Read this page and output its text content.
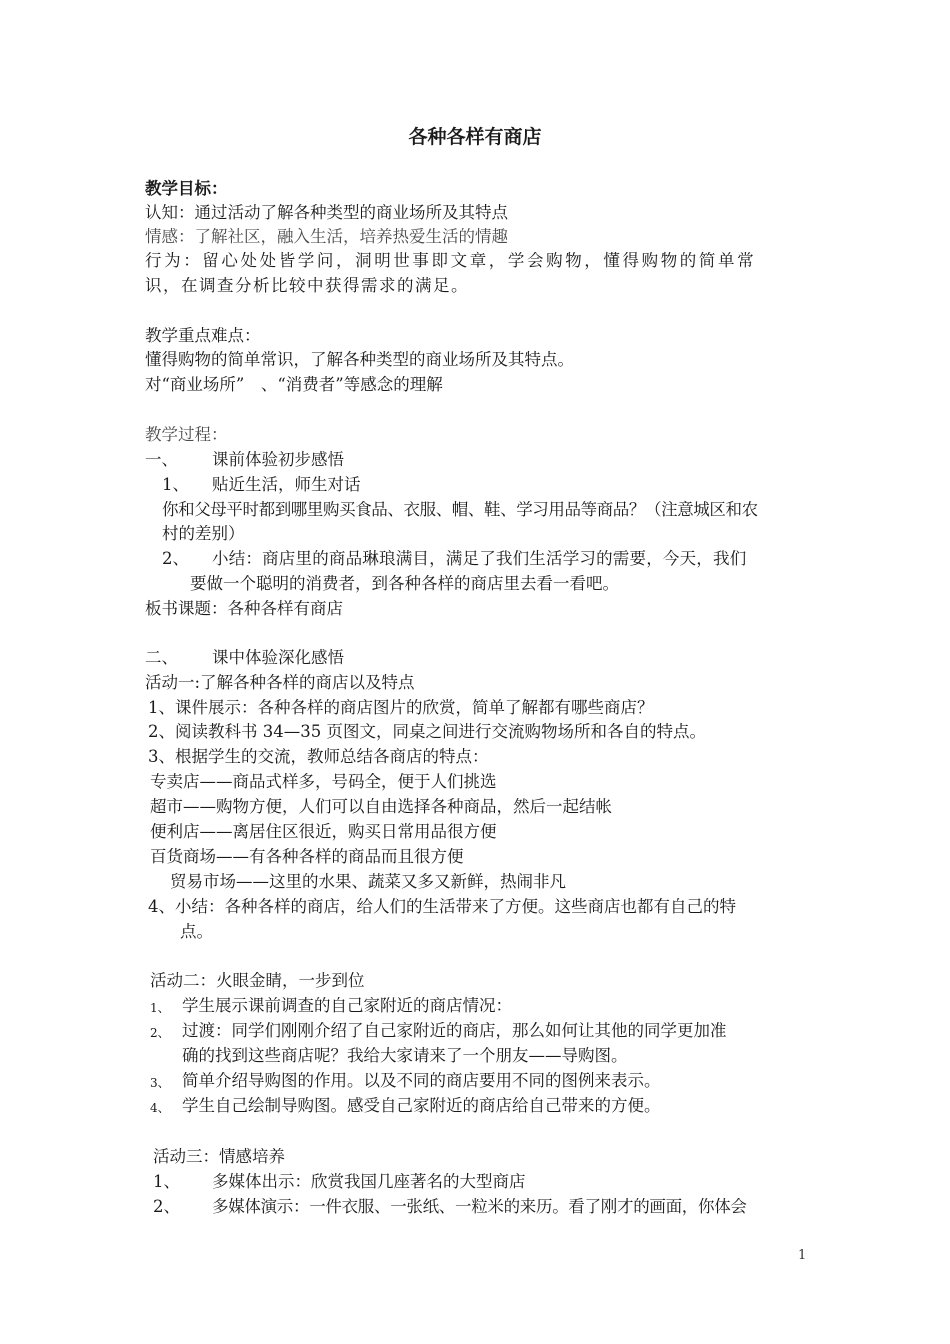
各种各样有商店
教学目标：
认知：通过活动了解各种类型的商业场所及其特点
情感：了解社区，融入生活，培养热爱生活的情趣
行为：留心处处皆学问，洞明世事即文章，学会购物，懂得购物的简单常
识，在调查分析比较中获得需求的满足。
教学重点难点：
懂得购物的简单常识，了解各种类型的商业场所及其特点。
对“商业场所”　、“消费者”等感念的理解
教学过程：
一、 课前体验初步感悟
1、 贴近生活，师生对话
你和父母平时都到哪里购买食品、衣服、帽、鞋、学习用品等商品？（注意城区和农
村的差别）
2、 小结：商店里的商品琳琅满目，满足了我们生活学习的需要，今天，我们
要做一个聪明的消费者，到各种各样的商店里去看一看吧。
板书课题：各种各样有商店
二、 课中体验深化感悟
活动一:了解各种各样的商店以及特点
1、课件展示：各种各样的商店图片的欣赏，简单了解都有哪些商店？
2、阅读教科书 34—35 页图文，同桌之间进行交流购物场所和各自的特点。
3、根据学生的交流，教师总结各商店的特点：
专卖店——商品式样多，号码全，便于人们挑选
超市——购物方便，人们可以自由选择各种商品，然后一起结帐
便利店——离居住区很近，购买日常用品很方便
百货商场——有各种各样的商品而且很方便
贸易市场——这里的水果、蔬菜又多又新鲜，热闹非凡
4、小结：各种各样的商店，给人们的生活带来了方便。这些商店也都有自己的特
点。
活动二：火眼金睛，一步到位
1、 学生展示课前调查的自己家附近的商店情况：
2、 过渡：同学们刚刚介绍了自己家附近的商店，那么如何让其他的同学更加准
确的找到这些商店呢？我给大家请来了一个朋友——导购图。
3、 简单介绍导购图的作用。以及不同的商店要用不同的图例来表示。
4、 学生自己绘制导购图。感受自己家附近的商店给自己带来的方便。
活动三：情感培养
1、 多媒体出示：欣赏我国几座著名的大型商店
2、 多媒体演示：一件衣服、一张纸、一粒米的来历。看了刚才的画面，你体会
1
